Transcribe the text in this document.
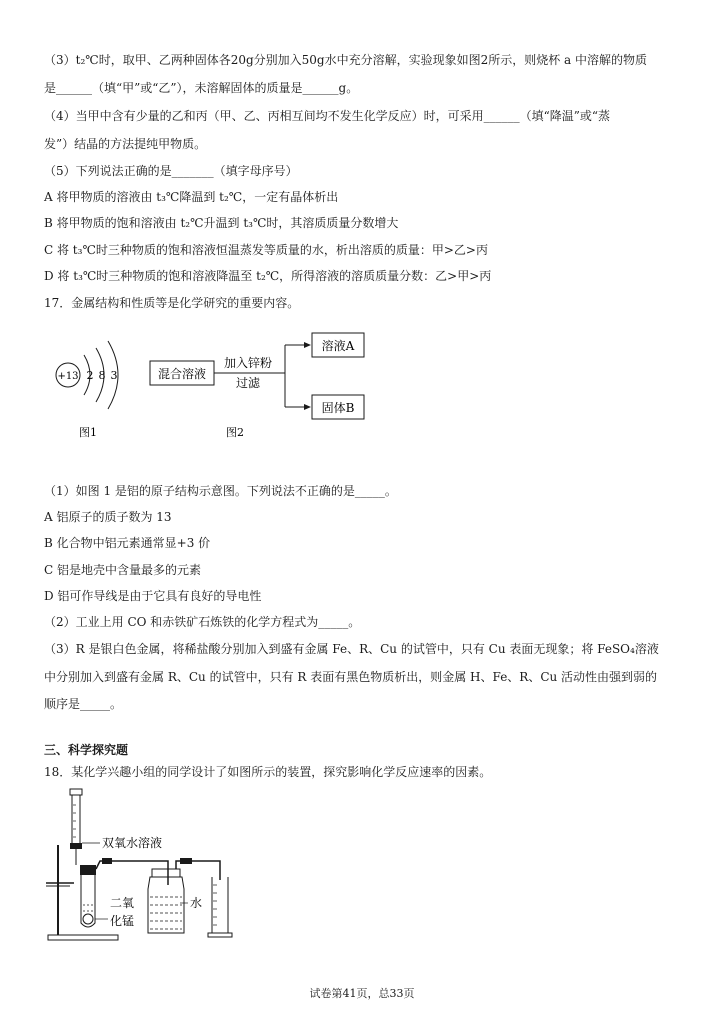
（3）t₂℃时，取甲、乙两种固体各20g分别加入50g水中充分溶解，实验现象如图2所示，则烧杯 a 中溶解的物质
是______（填“甲”或“乙”），未溶解固体的质量是______g。
（4）当甲中含有少量的乙和丙（甲、乙、丙相互间均不发生化学反应）时，可采用______（填“降温”或“蒸
发”）结晶的方法提纯甲物质。
（5）下列说法正确的是_______（填字母序号）
A 将甲物质的溶液由 t₃℃降温到 t₂℃，一定有晶体析出
B 将甲物质的饱和溶液由 t₂℃升温到 t₃℃时，其溶质质量分数增大
C 将 t₃℃时三种物质的饱和溶液恒温蒸发等质量的水，析出溶质的质量：甲>乙>丙
D 将 t₃℃时三种物质的饱和溶液降温至 t₂℃，所得溶液的溶质质量分数：乙>甲>丙
17．金属结构和性质等是化学研究的重要内容。
+13 2 8 3
图1
混合溶液
加入锌粉
过滤
溶液A
固体B
图2
（1）如图 1 是铝的原子结构示意图。下列说法不正确的是_____。
A 铝原子的质子数为 13
B 化合物中铝元素通常显+3 价
C 铝是地壳中含量最多的元素
D 铝可作导线是由于它具有良好的导电性
（2）工业上用 CO 和赤铁矿石炼铁的化学方程式为_____。
（3）R 是银白色金属，将稀盐酸分别加入到盛有金属 Fe、R、Cu 的试管中，只有 Cu 表面无现象；将 FeSO₄溶液
中分别加入到盛有金属 R、Cu 的试管中，只有 R 表面有黑色物质析出，则金属 H、Fe、R、Cu 活动性由强到弱的
顺序是_____。
三、科学探究题
18．某化学兴趣小组的同学设计了如图所示的装置，探究影响化学反应速率的因素。
双氧水溶液
二氧
化锰
水
试卷第41页，总33页
